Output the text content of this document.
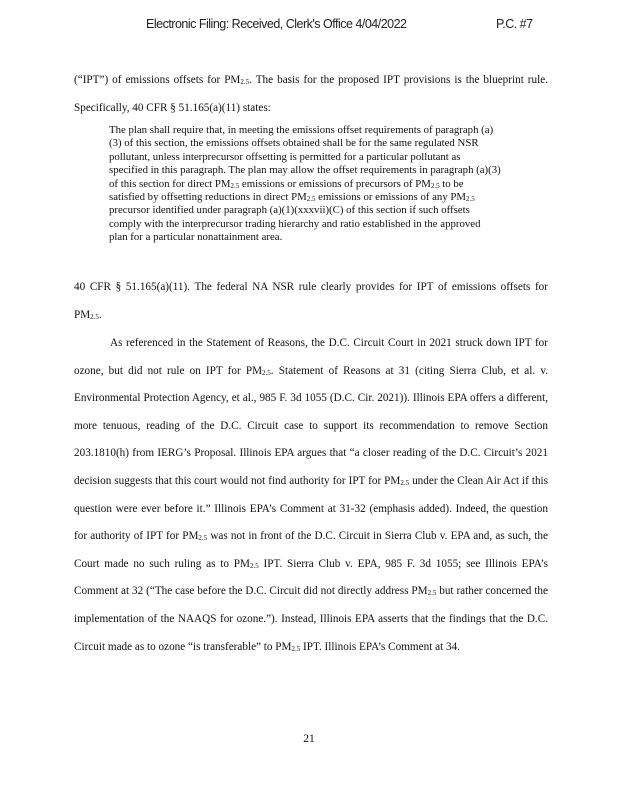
Electronic Filing: Received, Clerk's Office 4/04/2022	P.C. #7
(“IPT”) of emissions offsets for $PM_{2.5}$. The basis for the proposed IPT provisions is the blueprint rule. Specifically, 40 CFR § 51.165(a)(11) states:
The plan shall require that, in meeting the emissions offset requirements of paragraph (a)(3) of this section, the emissions offsets obtained shall be for the same regulated NSR pollutant, unless interprecursor offsetting is permitted for a particular pollutant as specified in this paragraph. The plan may allow the offset requirements in paragraph (a)(3) of this section for direct $PM_{2.5}$ emissions or emissions of precursors of $PM_{2.5}$ to be satisfied by offsetting reductions in direct $PM_{2.5}$ emissions or emissions of any $PM_{2.5}$ precursor identified under paragraph (a)(1)(xxxvii)(C) of this section if such offsets comply with the interprecursor trading hierarchy and ratio established in the approved plan for a particular nonattainment area.
40 CFR § 51.165(a)(11). The federal NA NSR rule clearly provides for IPT of emissions offsets for $PM_{2.5}$.
As referenced in the Statement of Reasons, the D.C. Circuit Court in 2021 struck down IPT for ozone, but did not rule on IPT for $PM_{2.5}$. Statement of Reasons at 31 (citing Sierra Club, et al. v. Environmental Protection Agency, et al., 985 F. 3d 1055 (D.C. Cir. 2021)). Illinois EPA offers a different, more tenuous, reading of the D.C. Circuit case to support its recommendation to remove Section 203.1810(h) from IERG’s Proposal. Illinois EPA argues that “a closer reading of the D.C. Circuit’s 2021 decision suggests that this court would not find authority for IPT for $PM_{2.5}$ under the Clean Air Act if this question were ever before it.” Illinois EPA’s Comment at 31-32 (emphasis added). Indeed, the question for authority of IPT for $PM_{2.5}$ was not in front of the D.C. Circuit in Sierra Club v. EPA and, as such, the Court made no such ruling as to $PM_{2.5}$ IPT. Sierra Club v. EPA, 985 F. 3d 1055; see Illinois EPA’s Comment at 32 (“The case before the D.C. Circuit did not directly address $PM_{2.5}$ but rather concerned the implementation of the NAAQS for ozone.”). Instead, Illinois EPA asserts that the findings that the D.C. Circuit made as to ozone “is transferable” to $PM_{2.5}$ IPT. Illinois EPA’s Comment at 34.
21
